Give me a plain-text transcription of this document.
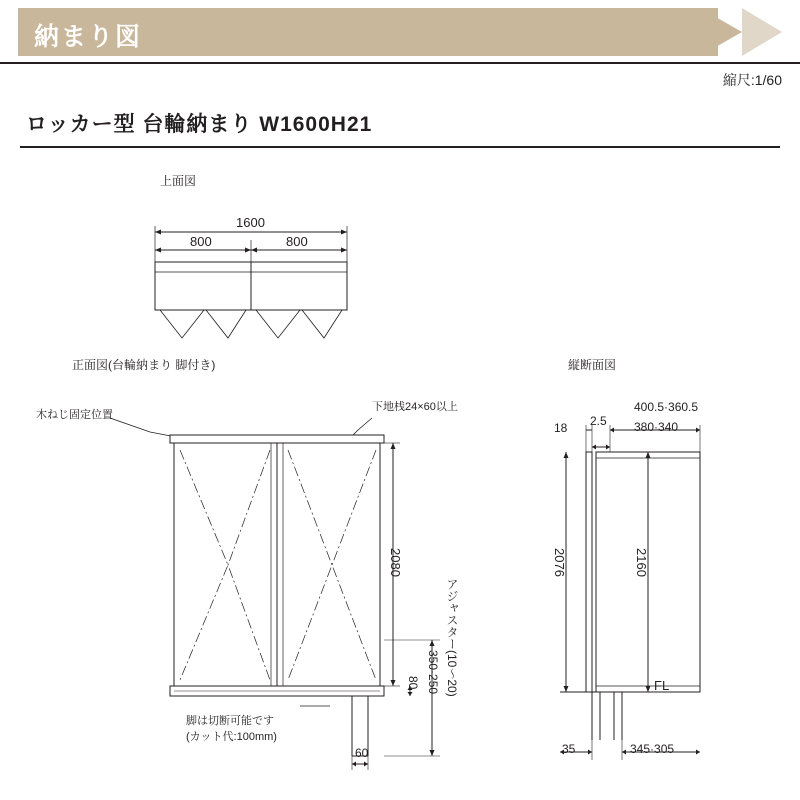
納まり図
縮尺:1/60
ロッカー型 台輪納まり W1600H21
上面図
1600
800	800
正面図(台輪納まり 脚付き)
木ねじ固定位置
下地桟24×60以上
2080
80 350·250 アジャスター(10〜20)
60
脚は切断可能です
(カット代:100mm)
縦断面図
400.5·360.5
380·340
18 2.5
2076	2160
FL
35	345·305
